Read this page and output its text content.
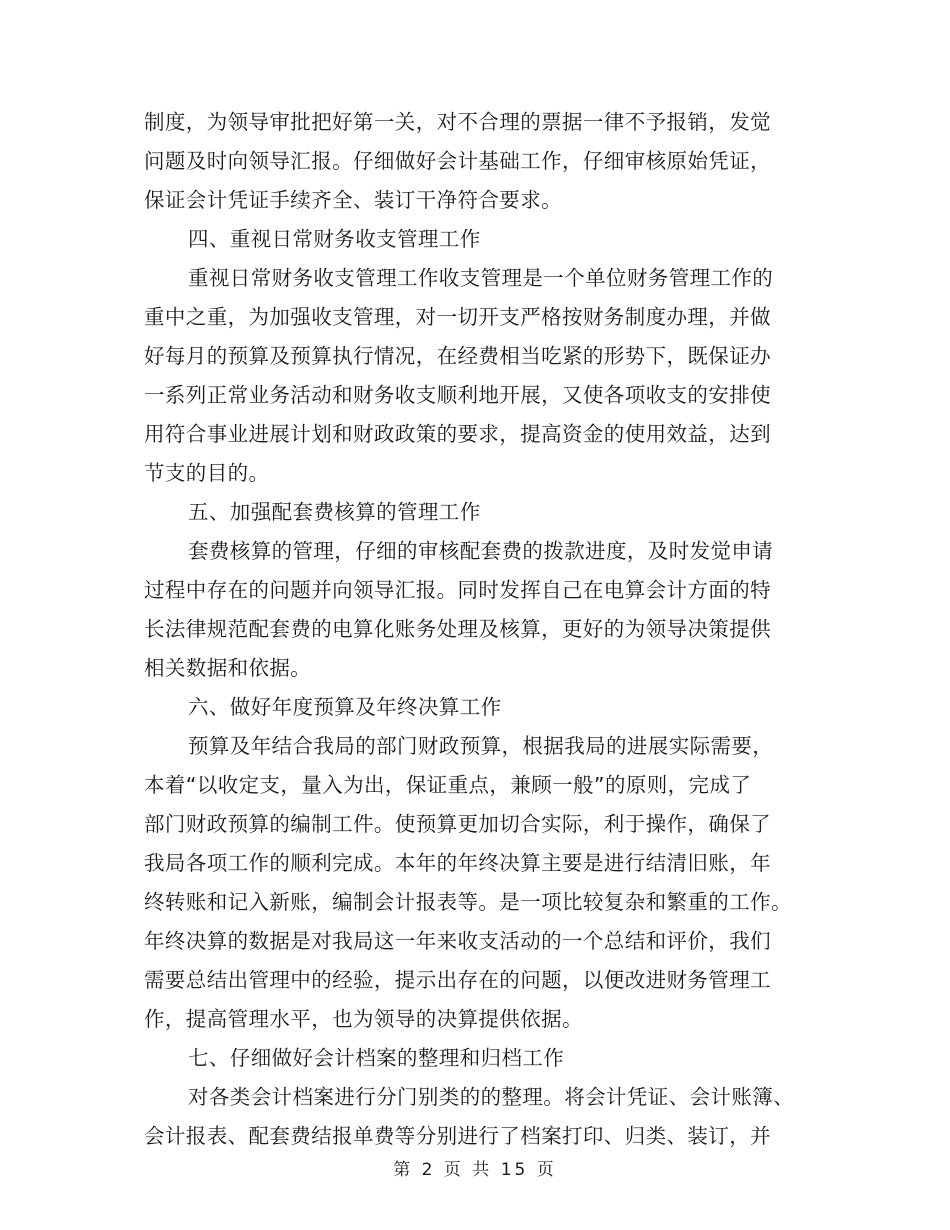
制度，为领导审批把好第一关，对不合理的票据一律不予报销，发觉
问题及时向领导汇报。仔细做好会计基础工作，仔细审核原始凭证，
保证会计凭证手续齐全、装订干净符合要求。
四、重视日常财务收支管理工作
重视日常财务收支管理工作收支管理是一个单位财务管理工作的
重中之重，为加强收支管理，对一切开支严格按财务制度办理，并做
好每月的预算及预算执行情况，在经费相当吃紧的形势下，既保证办
一系列正常业务活动和财务收支顺利地开展，又使各项收支的安排使
用符合事业进展计划和财政政策的要求，提高资金的使用效益，达到
节支的目的。
五、加强配套费核算的管理工作
套费核算的管理，仔细的审核配套费的拨款进度，及时发觉申请
过程中存在的问题并向领导汇报。同时发挥自己在电算会计方面的特
长法律规范配套费的电算化账务处理及核算，更好的为领导决策提供
相关数据和依据。
六、做好年度预算及年终决算工作
预算及年结合我局的部门财政预算，根据我局的进展实际需要，
本着“以收定支，量入为出，保证重点，兼顾一般”的原则，完成了
部门财政预算的编制工件。使预算更加切合实际，利于操作，确保了
我局各项工作的顺利完成。本年的年终决算主要是进行结清旧账，年
终转账和记入新账，编制会计报表等。是一项比较复杂和繁重的工作。
年终决算的数据是对我局这一年来收支活动的一个总结和评价，我们
需要总结出管理中的经验，提示出存在的问题，以便改进财务管理工
作，提高管理水平，也为领导的决算提供依据。
七、仔细做好会计档案的整理和归档工作
对各类会计档案进行分门别类的的整理。将会计凭证、会计账簿、
会计报表、配套费结报单费等分别进行了档案打印、归类、装订，并
第 2 页 共 15 页
